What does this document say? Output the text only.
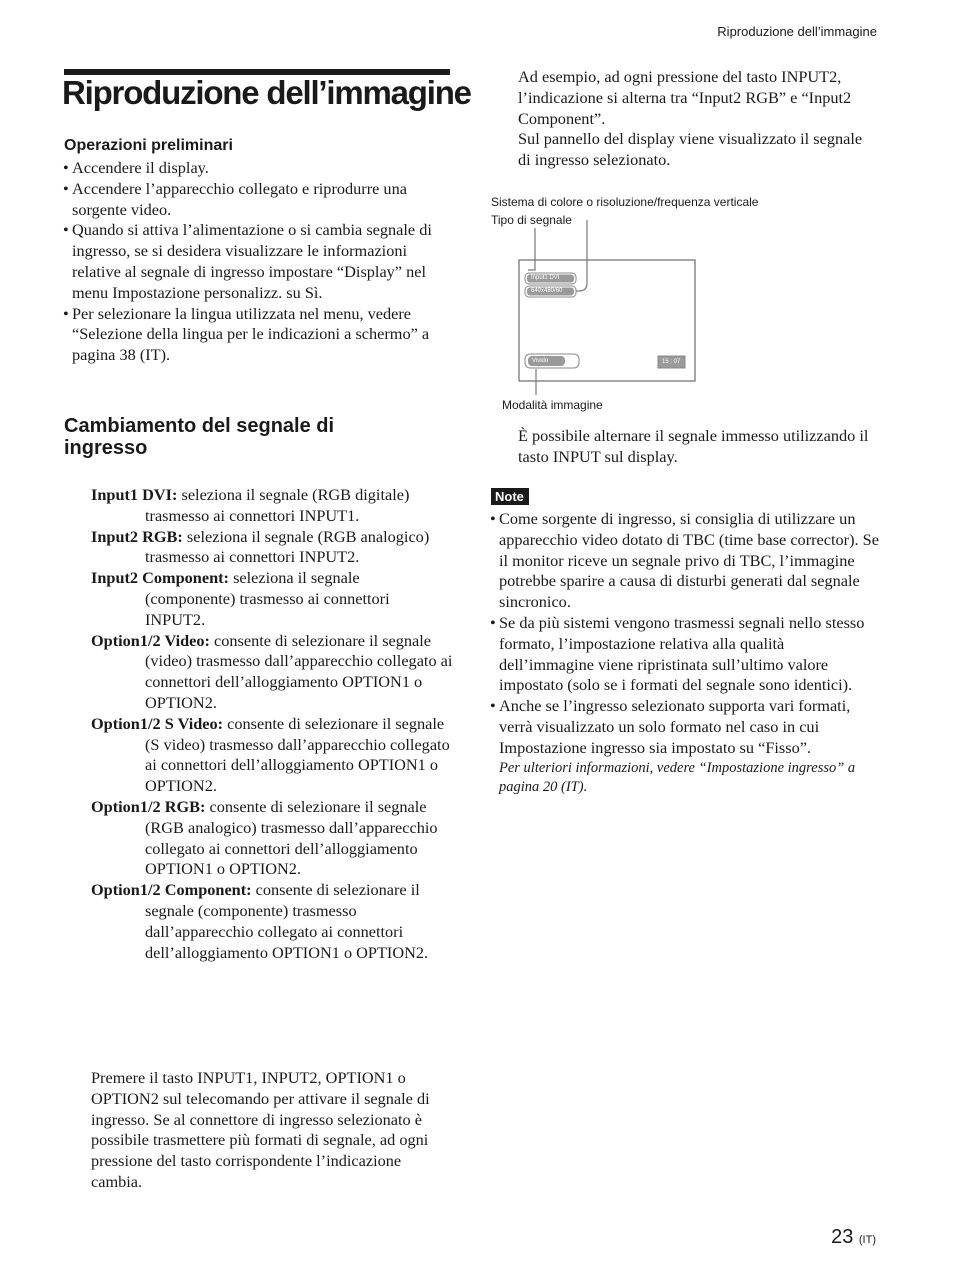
Riproduzione dell’immagine
Riproduzione dell’immagine
Operazioni preliminari
• Accendere il display.
• Accendere l’apparecchio collegato e riprodurre una sorgente video.
• Quando si attiva l’alimentazione o si cambia segnale di ingresso, se si desidera visualizzare le informazioni relative al segnale di ingresso impostare “Display” nel menu Impostazione personalizz. su Sì.
• Per selezionare la lingua utilizzata nel menu, vedere “Selezione della lingua per le indicazioni a schermo” a pagina 38 (IT).
Cambiamento del segnale di ingresso
Input1 DVI: seleziona il segnale (RGB digitale) trasmesso ai connettori INPUT1.
Input2 RGB: seleziona il segnale (RGB analogico) trasmesso ai connettori INPUT2.
Input2 Component: seleziona il segnale (componente) trasmesso ai connettori INPUT2.
Option1/2 Video: consente di selezionare il segnale (video) trasmesso dall’apparecchio collegato ai connettori dell’alloggiamento OPTION1 o OPTION2.
Option1/2 S Video: consente di selezionare il segnale (S video) trasmesso dall’apparecchio collegato ai connettori dell’alloggiamento OPTION1 o OPTION2.
Option1/2 RGB: consente di selezionare il segnale (RGB analogico) trasmesso dall’apparecchio collegato ai connettori dell’alloggiamento OPTION1 o OPTION2.
Option1/2 Component: consente di selezionare il segnale (componente) trasmesso dall’apparecchio collegato ai connettori dell’alloggiamento OPTION1 o OPTION2.

Premere il tasto INPUT1, INPUT2, OPTION1 o OPTION2 sul telecomando per attivare il segnale di ingresso. Se al connettore di ingresso selezionato è possibile trasmettere più formati di segnale, ad ogni pressione del tasto corrispondente l’indicazione cambia.

Ad esempio, ad ogni pressione del tasto INPUT2, l’indicazione si alterna tra “Input2 RGB” e “Input2 Component”.

Sul pannello del display viene visualizzato il segnale di ingresso selezionato.

Sistema di colore o risoluzione/frequenza verticale
Tipo di segnale
Modalità immagine
Input1 DVI
640x480/60
Vivido	15 : 07

È possibile alternare il segnale immesso utilizzando il tasto INPUT sul display.

Note
• Come sorgente di ingresso, si consiglia di utilizzare un apparecchio video dotato di TBC (time base corrector). Se il monitor riceve un segnale privo di TBC, l’immagine potrebbe sparire a causa di disturbi generati dal segnale sincronico.
• Se da più sistemi vengono trasmessi segnali nello stesso formato, l’impostazione relativa alla qualità dell’immagine viene ripristinata sull’ultimo valore impostato (solo se i formati del segnale sono identici).
• Anche se l’ingresso selezionato supporta vari formati, verrà visualizzato un solo formato nel caso in cui Impostazione ingresso sia impostato su “Fisso”.

Per ulteriori informazioni, vedere “Impostazione ingresso” a pagina 20 (IT).

23 (IT)
